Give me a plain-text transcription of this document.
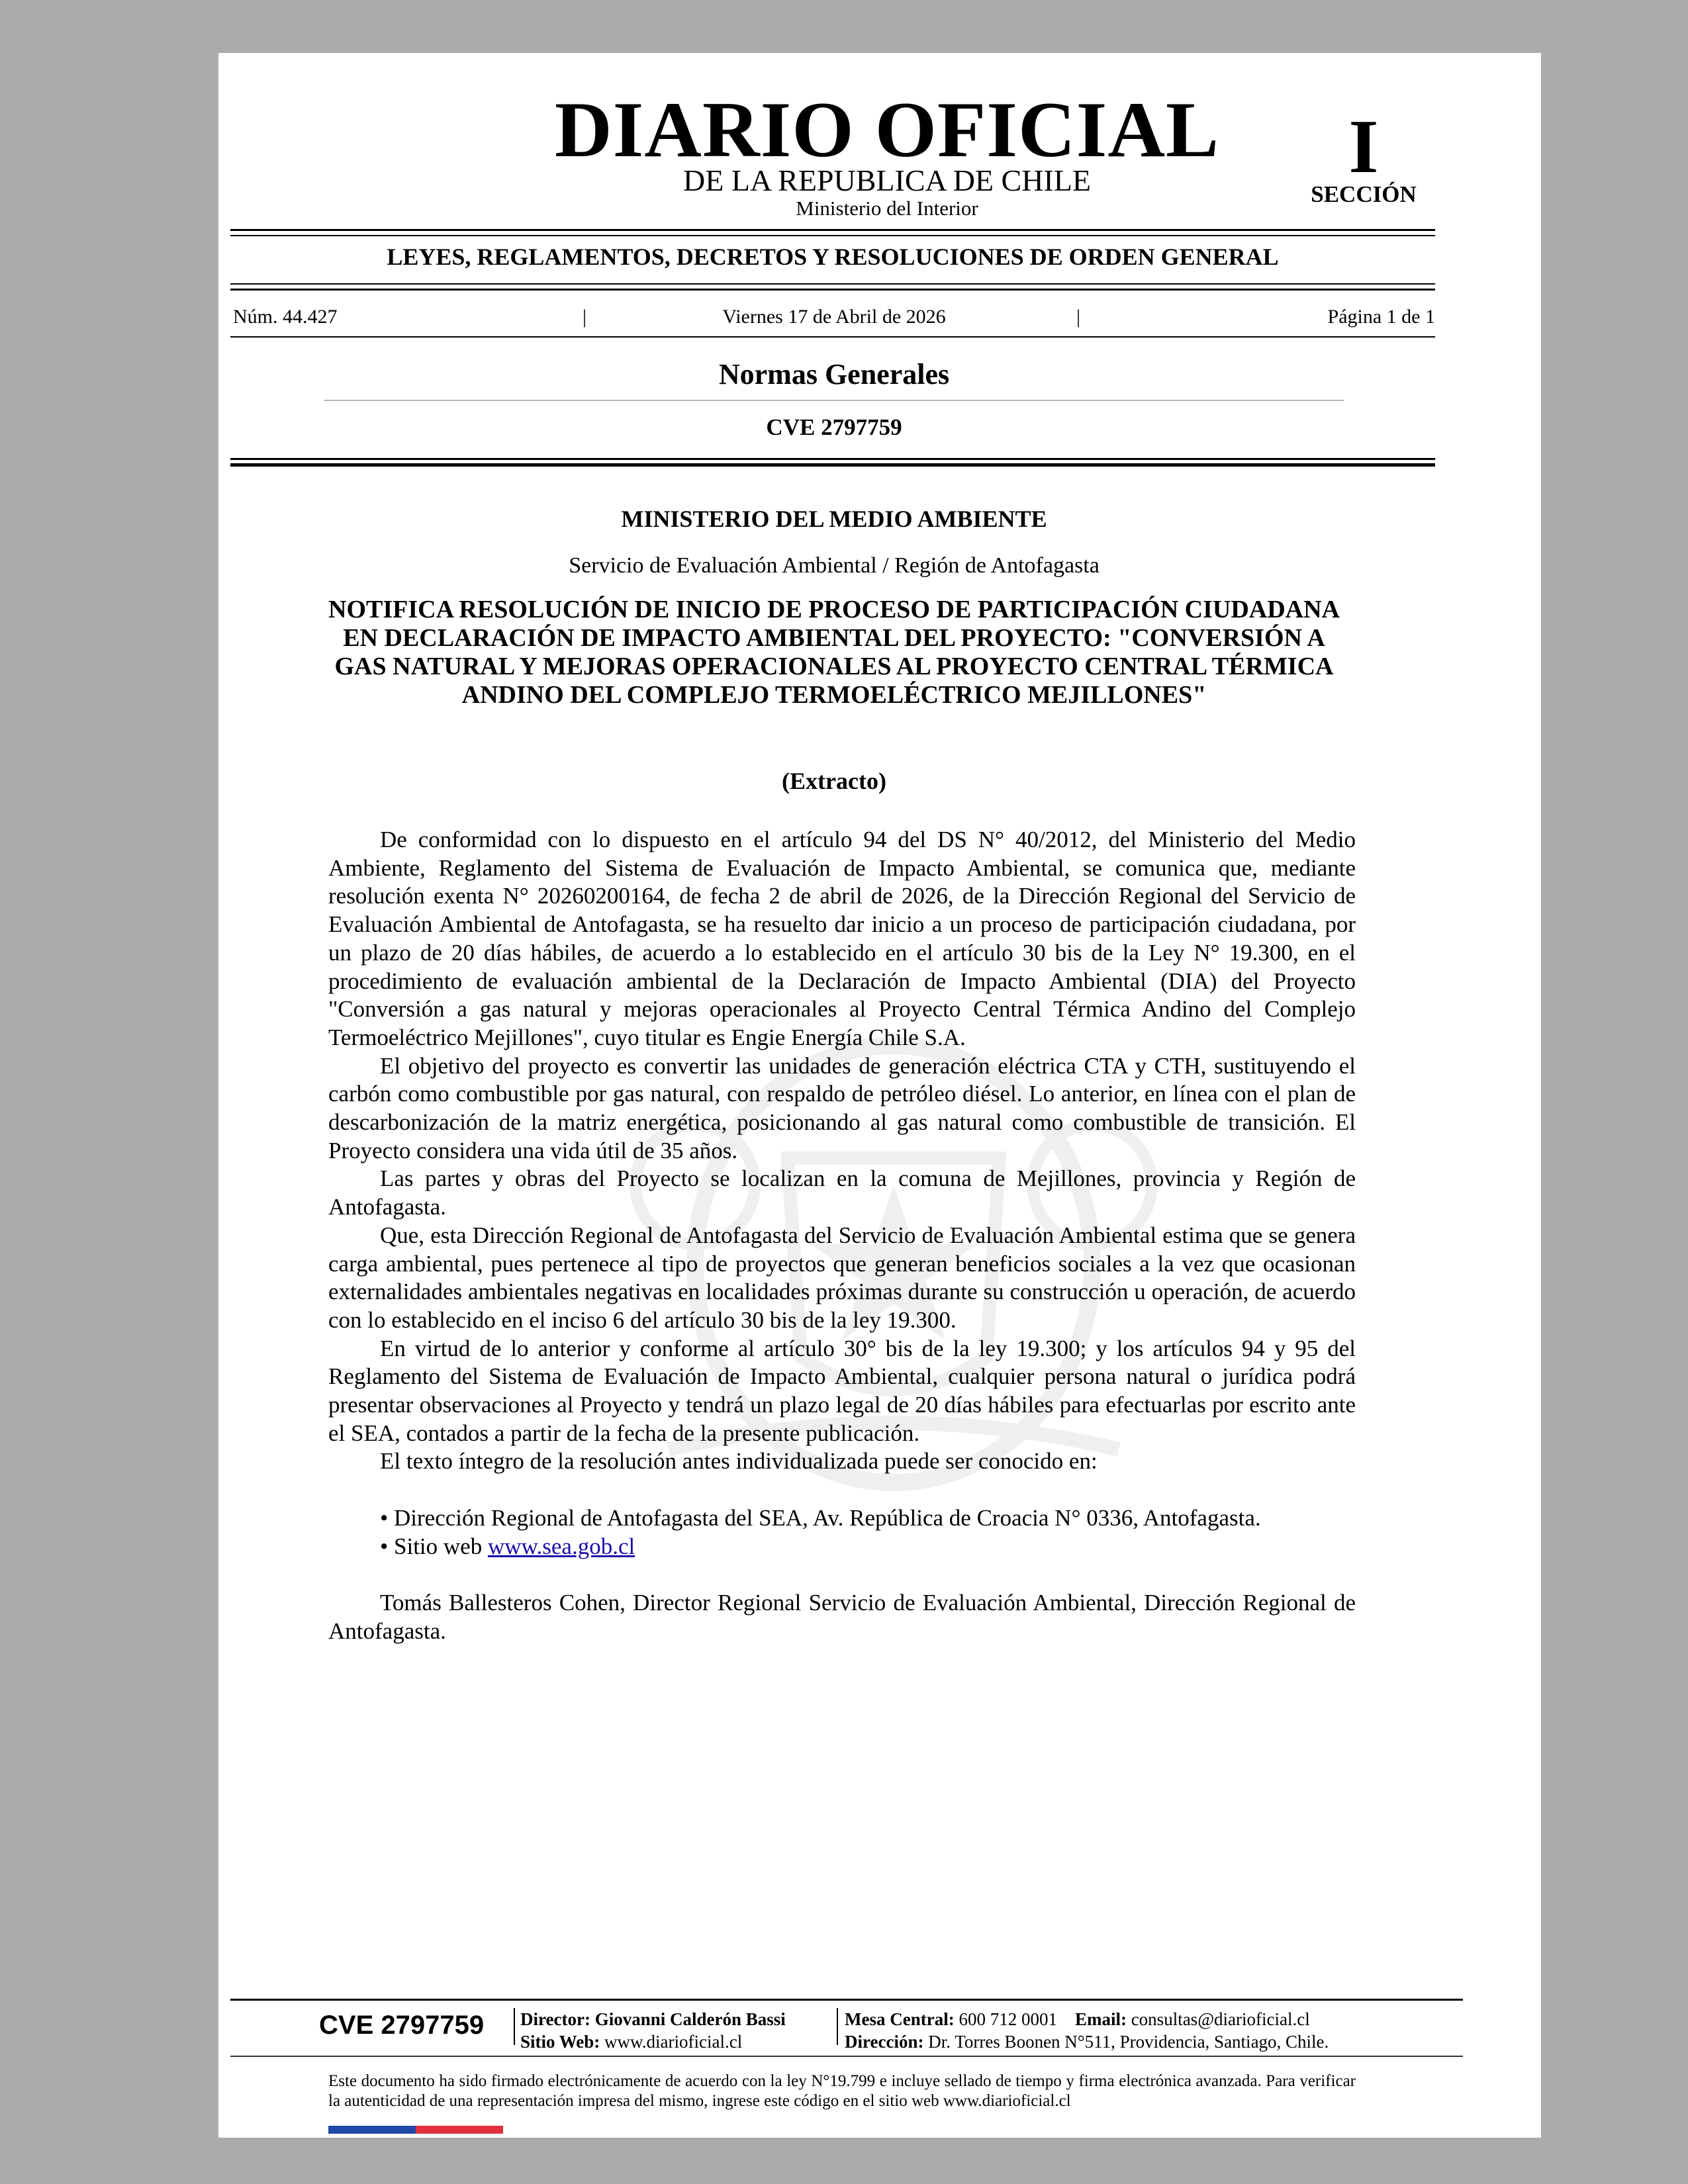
DIARIO OFICIAL
DE LA REPUBLICA DE CHILE
Ministerio del Interior
I
SECCIÓN
LEYES, REGLAMENTOS, DECRETOS Y RESOLUCIONES DE ORDEN GENERAL
Núm. 44.427	|	Viernes 17 de Abril de 2026	|	Página 1 de 1
Normas Generales
CVE 2797759
MINISTERIO DEL MEDIO AMBIENTE
Servicio de Evaluación Ambiental / Región de Antofagasta
NOTIFICA RESOLUCIÓN DE INICIO DE PROCESO DE PARTICIPACIÓN CIUDADANA EN DECLARACIÓN DE IMPACTO AMBIENTAL DEL PROYECTO: "CONVERSIÓN A GAS NATURAL Y MEJORAS OPERACIONALES AL PROYECTO CENTRAL TÉRMICA ANDINO DEL COMPLEJO TERMOELÉCTRICO MEJILLONES"
(Extracto)

De conformidad con lo dispuesto en el artículo 94 del DS N° 40/2012, del Ministerio del Medio Ambiente, Reglamento del Sistema de Evaluación de Impacto Ambiental, se comunica que, mediante resolución exenta N° 20260200164, de fecha 2 de abril de 2026, de la Dirección Regional del Servicio de Evaluación Ambiental de Antofagasta, se ha resuelto dar inicio a un proceso de participación ciudadana, por un plazo de 20 días hábiles, de acuerdo a lo establecido en el artículo 30 bis de la Ley N° 19.300, en el procedimiento de evaluación ambiental de la Declaración de Impacto Ambiental (DIA) del Proyecto "Conversión a gas natural y mejoras operacionales al Proyecto Central Térmica Andino del Complejo Termoeléctrico Mejillones", cuyo titular es Engie Energía Chile S.A.

El objetivo del proyecto es convertir las unidades de generación eléctrica CTA y CTH, sustituyendo el carbón como combustible por gas natural, con respaldo de petróleo diésel. Lo anterior, en línea con el plan de descarbonización de la matriz energética, posicionando al gas natural como combustible de transición. El Proyecto considera una vida útil de 35 años.

Las partes y obras del Proyecto se localizan en la comuna de Mejillones, provincia y Región de Antofagasta.

Que, esta Dirección Regional de Antofagasta del Servicio de Evaluación Ambiental estima que se genera carga ambiental, pues pertenece al tipo de proyectos que generan beneficios sociales a la vez que ocasionan externalidades ambientales negativas en localidades próximas durante su construcción u operación, de acuerdo con lo establecido en el inciso 6 del artículo 30 bis de la ley 19.300.

En virtud de lo anterior y conforme al artículo 30° bis de la ley 19.300; y los artículos 94 y 95 del Reglamento del Sistema de Evaluación de Impacto Ambiental, cualquier persona natural o jurídica podrá presentar observaciones al Proyecto y tendrá un plazo legal de 20 días hábiles para efectuarlas por escrito ante el SEA, contados a partir de la fecha de la presente publicación.

El texto íntegro de la resolución antes individualizada puede ser conocido en:

• Dirección Regional de Antofagasta del SEA, Av. República de Croacia N° 0336, Antofagasta.

• Sitio web www.sea.gob.cl

Tomás Ballesteros Cohen, Director Regional Servicio de Evaluación Ambiental, Dirección Regional de Antofagasta.

CVE 2797759 Director: Giovanni Calderón Bassi
Sitio Web: www.diarioficial.cl
Mesa Central: 600 712 0001 Email: consultas@diarioficial.cl
Dirección: Dr. Torres Boonen N°511, Providencia, Santiago, Chile.
Este documento ha sido firmado electrónicamente de acuerdo con la ley N°19.799 e incluye sellado de tiempo y firma electrónica avanzada. Para verificar la autenticidad de una representación impresa del mismo, ingrese este código en el sitio web www.diarioficial.cl
